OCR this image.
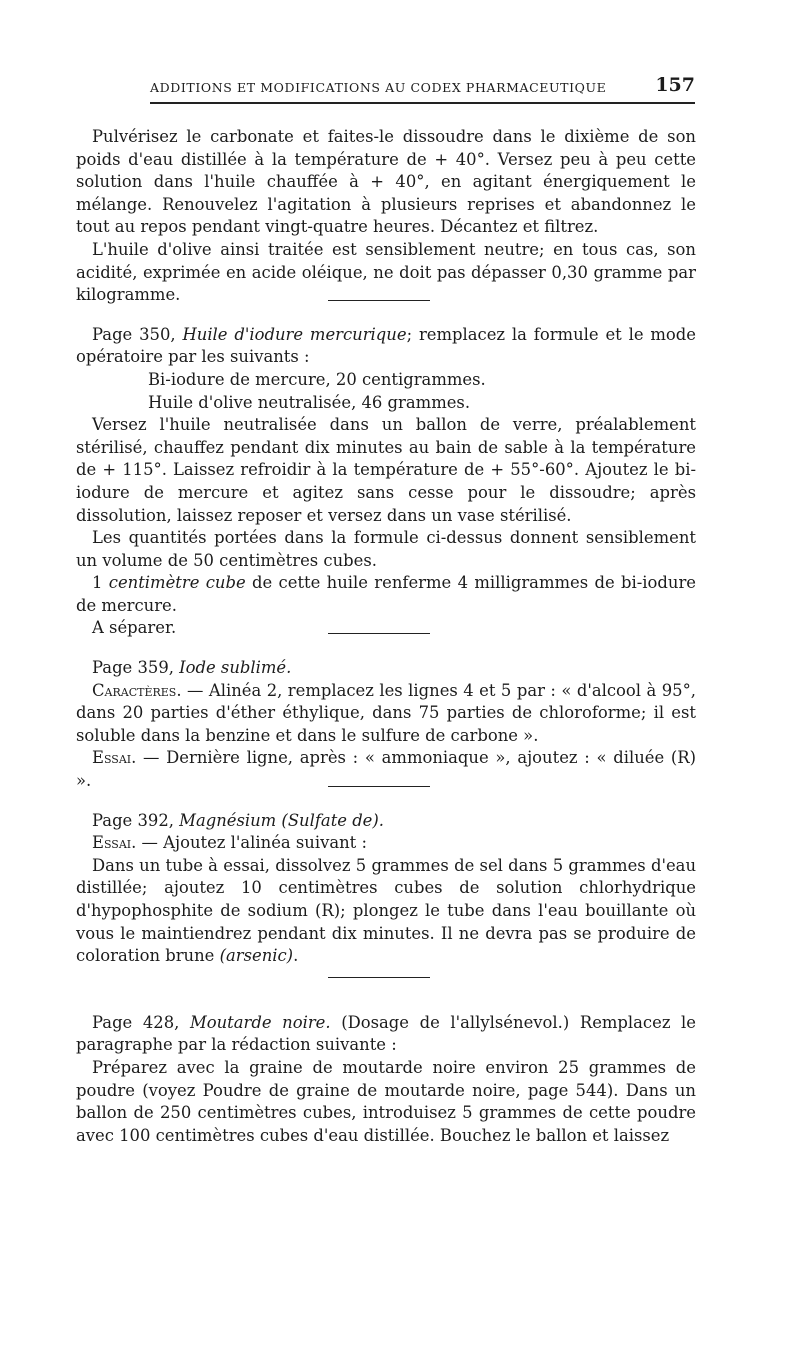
ADDITIONS ET MODIFICATIONS AU CODEX PHARMACEUTIQUE	157

Pulvérisez le carbonate et faites-le dissoudre dans le dixième de son poids d'eau distillée à la température de + 40°. Versez peu à peu cette solution dans l'huile chauffée à + 40°, en agitant énergiquement le mélange. Renouvelez l'agitation à plusieurs reprises et abandonnez le tout au repos pendant vingt-quatre heures. Décantez et filtrez.

L'huile d'olive ainsi traitée est sensiblement neutre; en tous cas, son acidité, exprimée en acide oléique, ne doit pas dépasser 0,30 gramme par kilogramme.

Page 350, Huile d'iodure mercurique; remplacez la formule et le mode opératoire par les suivants :

Bi-iodure de mercure, 20 centigrammes.

Huile d'olive neutralisée, 46 grammes.

Versez l'huile neutralisée dans un ballon de verre, préalablement stérilisé, chauffez pendant dix minutes au bain de sable à la température de + 115°. Laissez refroidir à la température de + 55°-60°. Ajoutez le bi-iodure de mercure et agitez sans cesse pour le dissoudre; après dissolution, laissez reposer et versez dans un vase stérilisé.

Les quantités portées dans la formule ci-dessus donnent sensiblement un volume de 50 centimètres cubes.

1 centimètre cube de cette huile renferme 4 milligrammes de bi-iodure de mercure.

A séparer.

Page 359, Iode sublimé.

Caractères. — Alinéa 2, remplacez les lignes 4 et 5 par : « d'alcool à 95°, dans 20 parties d'éther éthylique, dans 75 parties de chloroforme; il est soluble dans la benzine et dans le sulfure de carbone ».

Essai. — Dernière ligne, après : « ammoniaque », ajoutez : « diluée (R) ».

Page 392, Magnésium (Sulfate de).

Essai. — Ajoutez l'alinéa suivant :

Dans un tube à essai, dissolvez 5 grammes de sel dans 5 grammes d'eau distillée; ajoutez 10 centimètres cubes de solution chlorhydrique d'hypophosphite de sodium (R); plongez le tube dans l'eau bouillante où vous le maintiendrez pendant dix minutes. Il ne devra pas se produire de coloration brune (arsenic).

Page 428, Moutarde noire. (Dosage de l'allylsénevol.) Remplacez le paragraphe par la rédaction suivante :

Préparez avec la graine de moutarde noire environ 25 grammes de poudre (voyez Poudre de graine de moutarde noire, page 544). Dans un ballon de 250 centimètres cubes, introduisez 5 grammes de cette poudre avec 100 centimètres cubes d'eau distillée. Bouchez le ballon et laissez
